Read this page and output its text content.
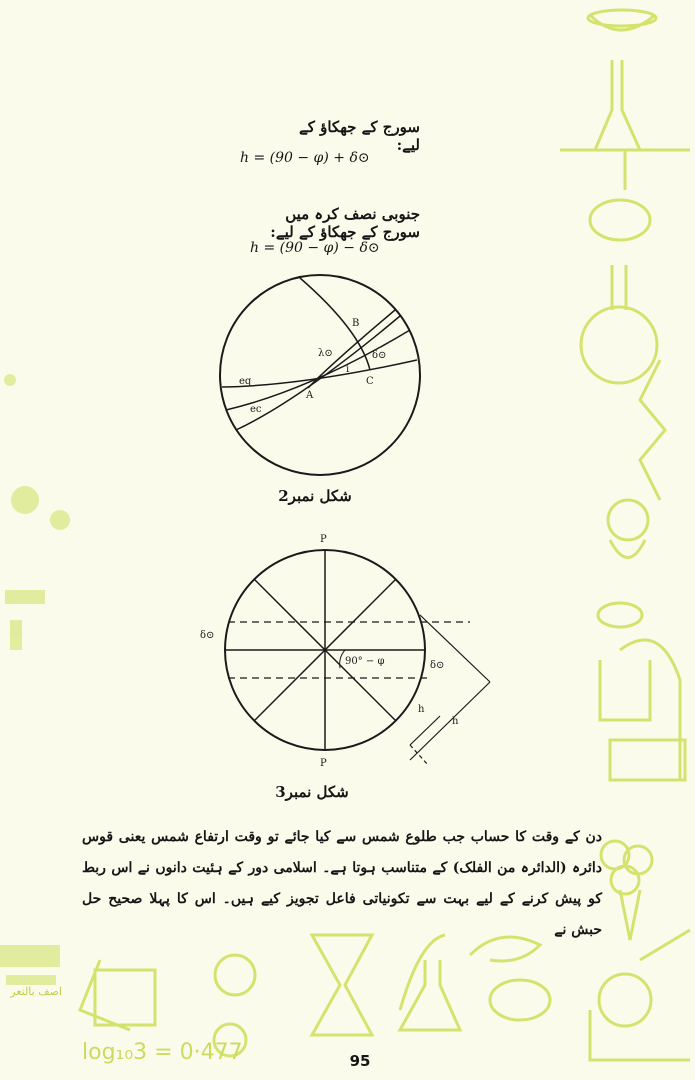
اصف بالتعر
log₁₀3 = 0·477
سورج کے جھکاؤ کے لیے:
h = (90 − φ) + δ⊙
جنوبی نصف کرہ میں سورج کے جھکاؤ کے لیے:
h = (90 − φ) − δ⊙
B
λ⊙	δ⊙
C
i
eq
ec
A
شکل نمبر2
P
P
δ⊙
90° − φ	δ⊙
h
h
شکل نمبر3
دن کے وقت کا حساب جب طلوع شمس سے کیا جائے تو وقت ارتفاع شمس یعنی قوس دائرہ (الدائرہ من الفلک) کے متناسب ہوتا ہے۔ اسلامی دور کے ہئیت دانوں نے اس ربط کو پیش کرنے کے لیے بہت سے تکونیاتی فاعل تجویز کیے ہیں۔ اس کا پہلا صحیح حل حبش نے
95
